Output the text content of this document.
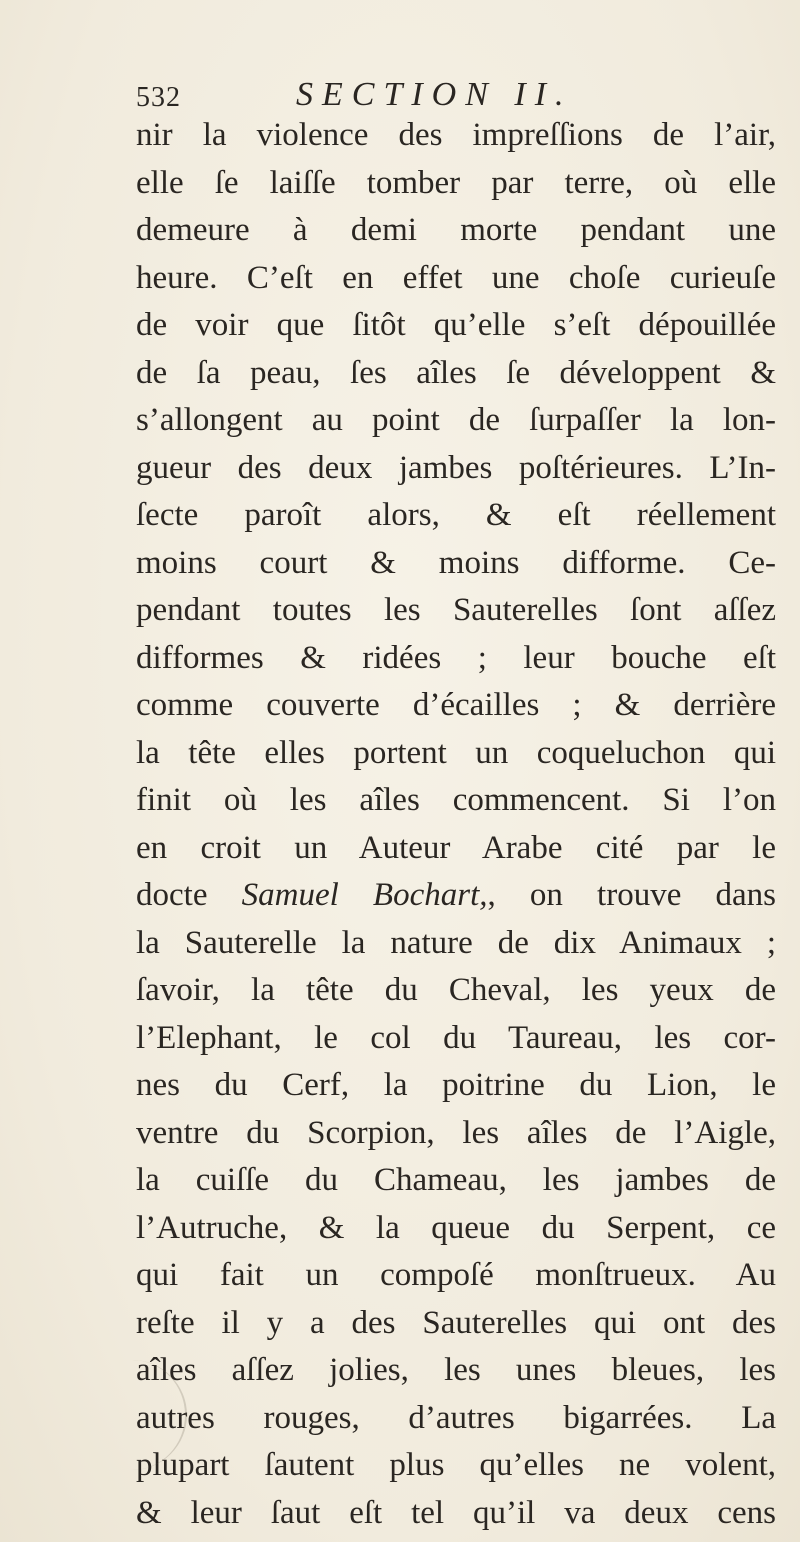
532	SECTION II.
nir la violence des impreſſions de l’air,
elle ſe laiſſe tomber par terre, où elle
demeure à demi morte pendant une
heure. C’eſt en effet une choſe curieuſe
de voir que ſitôt qu’elle s’eſt dépouillée
de ſa peau, ſes aîles ſe développent &
s’allongent au point de ſurpaſſer la lon-
gueur des deux jambes poſtérieures. L’In-
ſecte paroît alors, & eſt réellement
moins court & moins difforme. Ce-
pendant toutes les Sauterelles ſont aſſez
difformes & ridées ; leur bouche eſt
comme couverte d’écailles ; & derrière
la tête elles portent un coqueluchon qui
finit où les aîles commencent. Si l’on
en croit un Auteur Arabe cité par le
docte Samuel Bochart,, on trouve dans
la Sauterelle la nature de dix Animaux ;
ſavoir, la tête du Cheval, les yeux de
l’Elephant, le col du Taureau, les cor-
nes du Cerf, la poitrine du Lion, le
ventre du Scorpion, les aîles de l’Aigle,
la cuiſſe du Chameau, les jambes de
l’Autruche, & la queue du Serpent, ce
qui fait un compoſé monſtrueux. Au
reſte il y a des Sauterelles qui ont des
aîles aſſez jolies, les unes bleues, les
autres rouges, d’autres bigarrées. La
plupart ſautent plus qu’elles ne volent,
& leur ſaut eſt tel qu’il va deux cens
